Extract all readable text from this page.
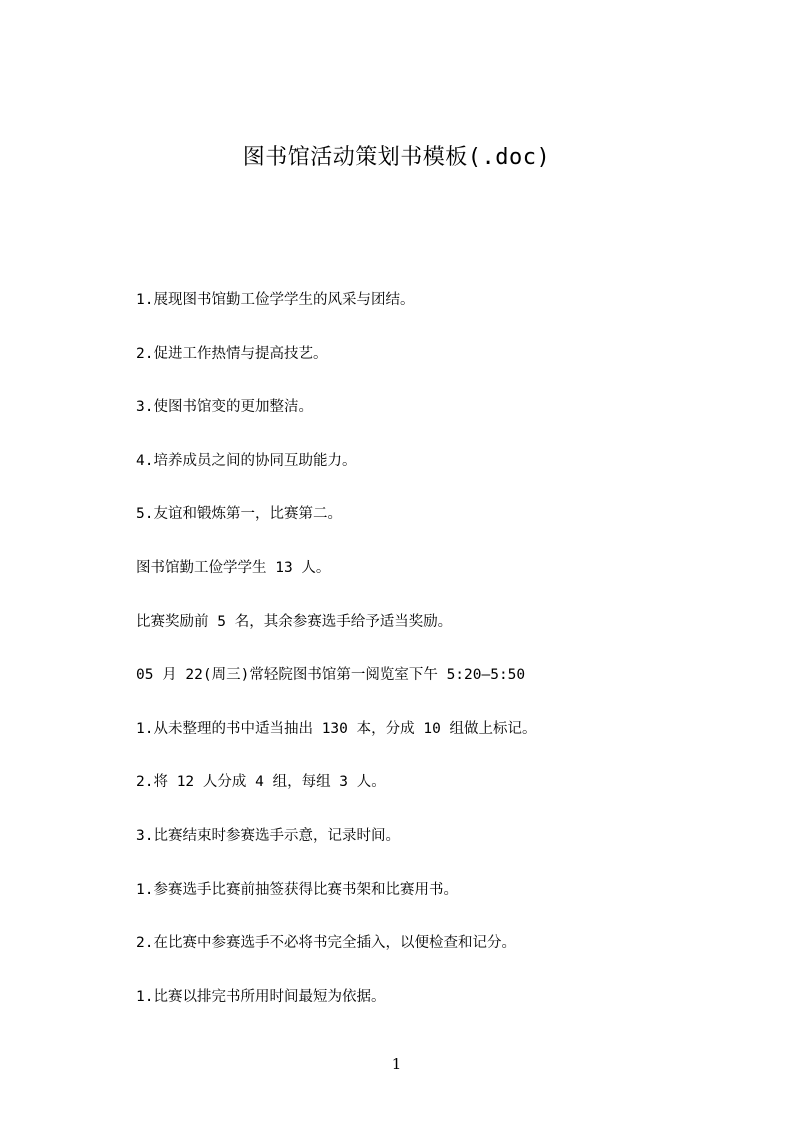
图书馆活动策划书模板(.doc)

1.展现图书馆勤工俭学学生的风采与团结。

2.促进工作热情与提高技艺。

3.使图书馆变的更加整洁。

4.培养成员之间的协同互助能力。

5.友谊和锻炼第一，比赛第二。

图书馆勤工俭学学生 13 人。

比赛奖励前 5 名，其余参赛选手给予适当奖励。

05 月 22(周三)常轻院图书馆第一阅览室下午 5:20—5:50

1.从未整理的书中适当抽出 130 本，分成 10 组做上标记。

2.将 12 人分成 4 组，每组 3 人。

3.比赛结束时参赛选手示意，记录时间。

1.参赛选手比赛前抽签获得比赛书架和比赛用书。

2.在比赛中参赛选手不必将书完全插入，以便检查和记分。

1.比赛以排完书所用时间最短为依据。

1
